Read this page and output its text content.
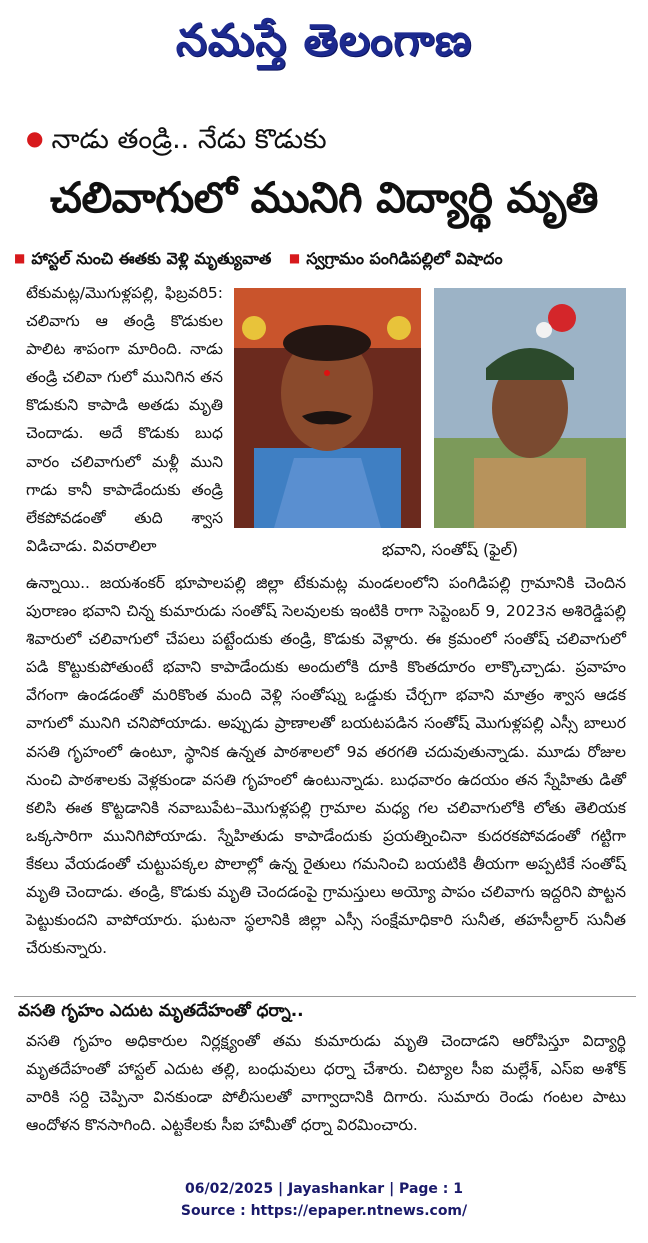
నమస్తే తెలంగాణ
● నాడు తండ్రి.. నేడు కొడుకు
చలివాగులో మునిగి విద్యార్థి మృతి
■ హాస్టల్ నుంచి ఈతకు వెళ్లి మృత్యువాత ■ స్వగ్రామం పంగిడిపల్లిలో విషాదం
టేకుమట్ల/మొగుళ్లపల్లి, ఫిబ్రవరి5: చలివాగు ఆ తండ్రి కొడుకుల పాలిట శాపంగా మారింది. నాడు తండ్రి చలివా గులో మునిగిన తన కొడుకుని కాపాడి అతడు మృతి చెందాడు. అదే కొడుకు బుధ వారం చలివాగులో మళ్లీ ముని గాడు కానీ కాపాడేందుకు తండ్రి లేకపోవడంతో తుది శ్వాస విడిచాడు. వివరాలిలా	భవాని, సంతోష్ (ఫైల్)
ఉన్నాయి.. జయశంకర్ భూపాలపల్లి జిల్లా టేకుమట్ల మండలంలోని పంగిడిపల్లి గ్రామానికి చెందిన పురాణం భవాని చిన్న కుమారుడు సంతోష్ సెలవులకు ఇంటికి రాగా సెప్టెంబర్ 9, 2023న అశిరెడ్డిపల్లి శివారులో చలివాగులో చేపలు పట్టేందుకు తండ్రి, కొడుకు వెళ్లారు. ఈ క్రమంలో సంతోష్ చలివాగులో పడి కొట్టుకుపోతుంటే భవాని కాపాడేందుకు అందులోకి దూకి కొంతదూరం లాక్కొచ్చాడు. ప్రవాహం వేగంగా ఉండడంతో మరికొంత మంది వెళ్లి సంతోష్ను ఒడ్డుకు చేర్చగా భవాని మాత్రం శ్వాస ఆడక వాగులో మునిగి చనిపోయాడు. అప్పుడు ప్రాణాలతో బయటపడిన సంతోష్ మొగుళ్లపల్లి ఎస్సీ బాలుర వసతి గృహంలో ఉంటూ, స్థానిక ఉన్నత పాఠశాలలో 9వ తరగతి చదువుతున్నాడు. మూడు రోజుల నుంచి పాఠశాలకు వెళ్లకుండా వసతి గృహంలో ఉంటున్నాడు. బుధవారం ఉదయం తన స్నేహితు డితో కలిసి ఈత కొట్టడానికి నవాబుపేట–మొగుళ్లపల్లి గ్రామాల మధ్య గల చలివాగులోకి లోతు తెలియక ఒక్కసారిగా మునిగిపోయాడు. స్నేహితుడు కాపాడేందుకు ప్రయత్నించినా కుదరకపోవడంతో గట్టిగా కేకలు వేయడంతో చుట్టుపక్కల పొలాల్లో ఉన్న రైతులు గమనించి బయటికి తీయగా అప్పటికే సంతోష్ మృతి చెందాడు. తండ్రి, కొడుకు మృతి చెందడంపై గ్రామస్తులు అయ్యో పాపం చలివాగు ఇద్దరిని పొట్టన పెట్టుకుందని వాపోయారు. ఘటనా స్థలానికి జిల్లా ఎస్సీ సంక్షేమాధికారి సునీత, తహసీల్దార్ సునీత చేరుకున్నారు.
వసతి గృహం ఎదుట మృతదేహంతో ధర్నా..
వసతి గృహం అధికారుల నిర్లక్ష్యంతో తమ కుమారుడు మృతి చెందాడని ఆరోపిస్తూ విద్యార్థి మృతదేహంతో హాస్టల్ ఎదుట తల్లి, బంధువులు ధర్నా చేశారు. చిట్యాల సీఐ మల్లేశ్, ఎస్ఐ అశోక్ వారికి సర్ది చెప్పినా వినకుండా పోలీసులతో వాగ్వాదానికి దిగారు. సుమారు రెండు గంటల పాటు ఆందోళన కొనసాగింది. ఎట్టకేలకు సీఐ హామీతో ధర్నా విరమించారు.
06/02/2025 | Jayashankar | Page : 1
Source : https://epaper.ntnews.com/
